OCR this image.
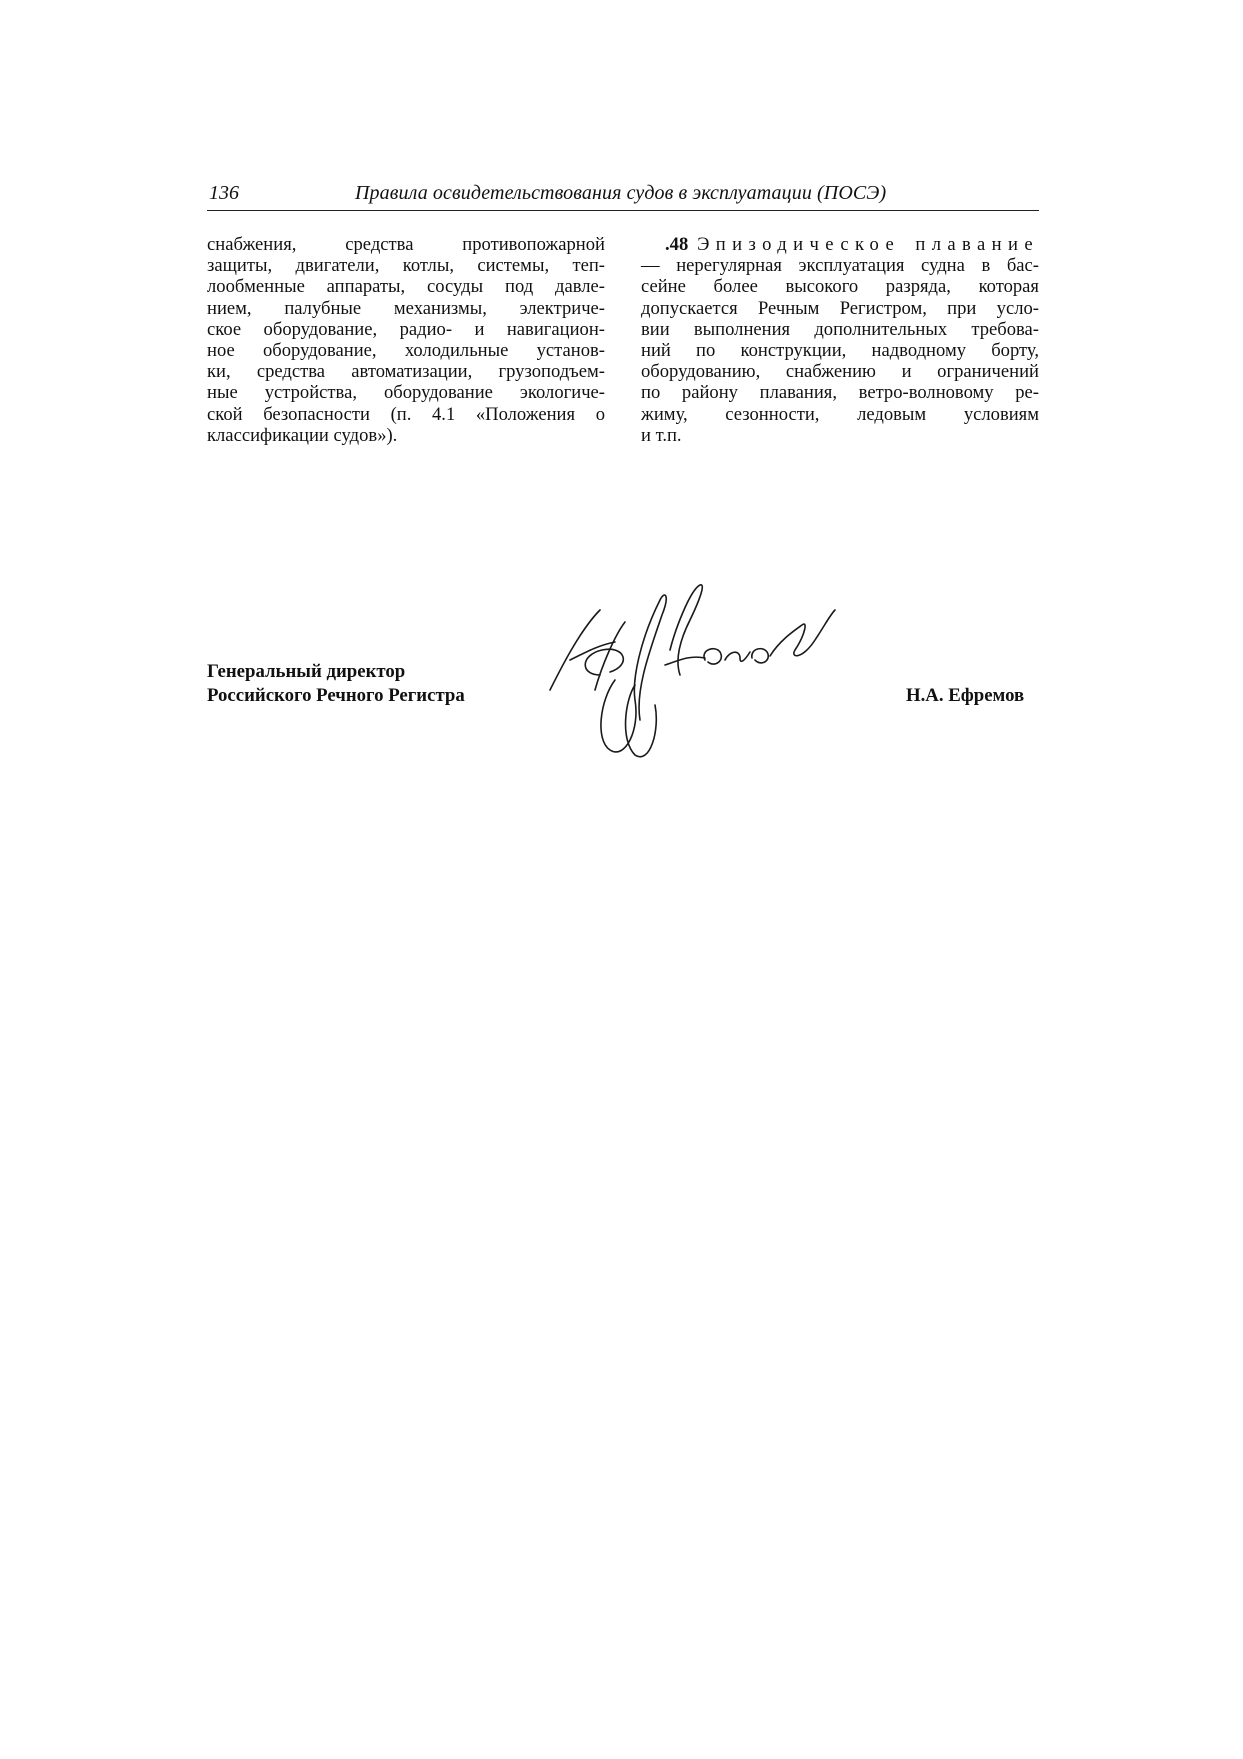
136	Правила освидетельствования судов в эксплуатации (ПОСЭ)
снабжения, средства противопожарной
защиты, двигатели, котлы, системы, теп-
лообменные аппараты, сосуды под давле-
нием, палубные механизмы, электриче-
ское оборудование, радио- и навигацион-
ное оборудование, холодильные установ-
ки, средства автоматизации, грузоподъем-
ные устройства, оборудование экологиче-
ской безопасности (п. 4.1 «Положения о
классификации судов»).
.48 Эпизодическое плавание
— нерегулярная эксплуатация судна в бас-
сейне более высокого разряда, которая
допускается Речным Регистром, при усло-
вии выполнения дополнительных требова-
ний по конструкции, надводному борту,
оборудованию, снабжению и ограничений
по району плавания, ветро-волновому ре-
жиму, сезонности, ледовым условиям
и т.п.
Генеральный директор
Российского Речного Регистра	Н.А. Ефремов
